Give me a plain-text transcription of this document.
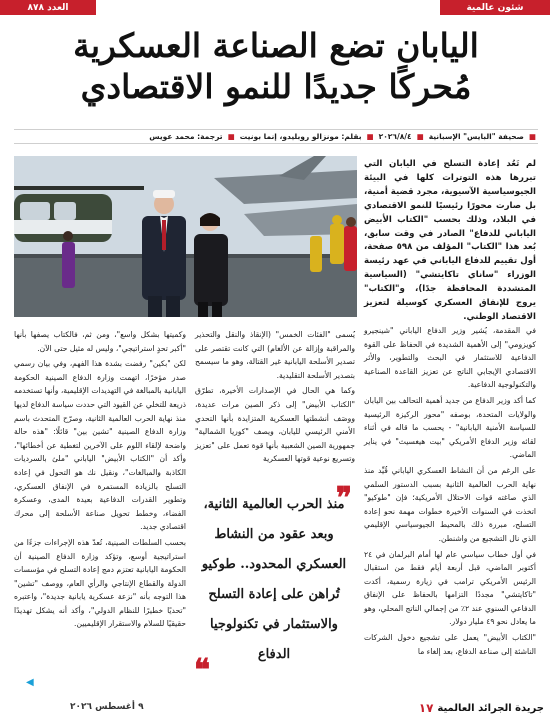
العدد ٨٧٨	شئون عالمية
اليابان تضع الصناعة العسكرية
مُحركًا جديدًا للنمو الاقتصادي
■
صحيفة "البايس" الإسبانية
■
٢٠٢٦/٨/٤
■
بقلم: مونزالو روبليدو، إنما بونيت
■
ترجمة: محمد عويس
لم تَعُد إعادة التسلح في اليابان التي تبررها هذه التوترات كلها في البيئة الجيوسياسية الآسيوية، مجرد قضية أمنية، بل صارت محورًا رئيسيًا للنمو الاقتصادي في البلاد، وذلك بحسب "الكتاب الأبيض الياباني للدفاع" الصادر في وقت سابق، بُعد هذا "الكتاب" المؤلف من ٥٩٨ صفحة، أول تقييم للدفاع الياباني في عهد رئيسة الوزراء "ساناي تاكايتشي" (السياسية المتشددة المحافظة جدًا)، و"الكتاب" يروج للإنفاق العسكري كوسيلة لتعزيز الاقتصاد الوطني.

في المقدمة، يُشير وزير الدفاع الياباني "شينجيرو كويزومي" إلى الأهمية الشديدة في الحفاظ على القوة الدفاعية للاستثمار في البحث والتطوير، والأثر الاقتصادي الإيجابي الناتج عن تعزيز القاعدة الصناعية والتكنولوجية الدفاعية.

كما أكد وزير الدفاع من جديد أهمية التحالف بين اليابان والولايات المتحدة، بوصفه "محور الركيزة الرئيسية للسياسة الأمنية اليابانية" - يحسب ما قاله في أثناء لقائه وزير الدفاع الأمريكي "بيت هيغسيث" في يناير الماضي.

على الرغم من أن النشاط العسكري الياباني قُيِّد منذ نهاية الحرب العالمية الثانية بسبب الدستور السلمي الذي صاغته قوات الاحتلال الأمريكية؛ فإن "طوكيو" اتخذت في السنوات الأخيرة خطوات مهمة نحو إعادة التسلح، مبررة ذلك بالمحيط الجيوسياسي الإقليمي الذي نال التشجيع من واشنطن.

في أول خطاب سياسي عام لها أمام البرلمان في ٢٤ أكتوبر الماضي، قبل أربعة أيام فقط من استقبال الرئيس الأمريكي ترامب في زيارة رسمية، أكدت "تاكايتشي" مجددًا التزامها بالحفاظ على الإنفاق الدفاعي السنوي عند ٢٪ من إجمالي الناتج المحلي، وهو ما يعادل نحو ٤٩ مليار دولار.

"الكتاب الأبيض" يعمل على تشجيع دخول الشركات الناشئة إلى صناعة الدفاع، بعد إلغاء ما

يُسمى "الفئات الخمس" (الإنقاذ والنقل والتحذير والمراقبة وإزالة عن الألغام) التي كانت تقتصر على تصدير الأسلحة اليابانية غير القتالة، وهو ما سيسمح بتصدير الأسلحة التقليدية.

وكما هي الحال في الإصدارات الأخيرة، تطرّق "الكتاب الأبيض" إلى ذكر الصين مرات عديدة، ووصَف أنشطتها العسكرية المتزايدة بأنها التحدي الأمني الرئيسي لليابان، ويصف "كوريا الشمالية" جمهورية الصين الشعبية بأنها قوة تعمل على "تعزيز وتسريع نوعية قوتها العسكرية

وكميتها بشكل واسع"، ومن ثم، فالكتاب يصفها بأنها "أكبر تحدٍ استراتيجي"، وليس له مثيل حتى الآن.

لكن "بكين" رفضت بشدة هذا الفهم، وفي بيان رسمي صدر مؤخرًا، اتهمت وزارة الدفاع الصينية الحكومة اليابانية بالمبالغة في التهديدات الإقليمية، وأنها تستخدمه ذريعة للتخلي عن القيود التي حددت سياسة الدفاع لديها منذ نهاية الحرب العالمية الثانية، وصرّح المتحدث باسم وزارة الدفاع الصينية "تشين بين" قائلًا: "هذه حالة واضحة لإلقاء اللوم على الآخرين لتغطية عن أخطائها"، وأكد أن "الكتاب الأبيض" الياباني "ملئ بالسرديات الكاذبة والمبالغات"، ونقيل نك هو التحول في إعادة التسلح بالزيادة المستمرة في الإنفاق العسكري، وتطوير القدرات الدفاعية بعيدة المدى، وعسكرة الفضاء، وخطط تحويل صناعة الأسلحة إلى محرك اقتصادي جديد.

بحسب السلطات الصينية، تُعدّ هذه الإجراءات جزءًا من استراتيجية أوسع، وتؤكد وزارة الدفاع الصينية أن الحكومة اليابانية تعتزم دمج إعادة التسلح في مؤسسات الدولة والقطاع الإنتاجي والرأي العام، ووصف "تشين" هذا التوجه بأنه "نزعة عسكرية يابانية جديدة"، واعتبره "تحديًا خطيرًا للنظام الدولي"، وأكد أنه يشكل تهديدًا حقيقيًا للسلام والاستقرار الإقليميين.

❞
منذ الحرب العالمية الثانية، وبعد عقود من النشاط العسكري المحدود.. طوكيو تُراهن على إعادة التسلح والاستثمار في تكنولوجيا الدفاع
❝
◀
٩ أغسطس ٢٠٢٦	جريدة الجرائد العالمية
١٧
